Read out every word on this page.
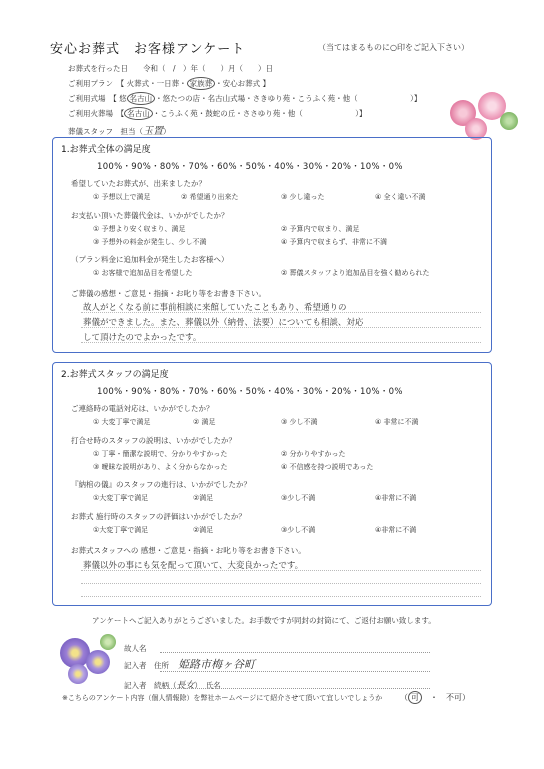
安心お葬式　お客様アンケート	（当てはまるものに○印をご記入下さい）
お葬式を行った日　　令和（　/　）年（　　）月（　　）日
ご利用プラン　【 火葬式・一日葬・ 家族葬 ・安心お葬式 】
ご利用式場　【 悠 名古山 ・悠たつの店・名古山式場・さきゆり苑・こうふく苑・他（　　　　　　　）】
ご利用火葬場　【 名古山 ・こうふく苑・鼓蛇の丘・ささゆり苑・他（　　　　　　　）】
葬儀スタッフ　担当（玉置）
1.お葬式全体の満足度
100%・90%・80%・70%・60%・50%・40%・30%・20%・10%・0%
希望していたお葬式が、出来ましたか？
① 予想以上で満足	② 希望通り出来た	③ 少し違った	④ 全く違い不満
お支払い頂いた葬儀代金は、いかがでしたか？
① 予想より安く収まり、満足	② 予算内で収まり、満足
③ 予想外の料金が発生し、少し不満	④ 予算内で収まらず、非常に不満
（プラン料金に追加料金が発生したお客様へ）
① お客様で追加品目を希望した	② 葬儀スタッフより追加品目を強く勧められた
ご葬儀の感想・ご意見・指摘・お叱り等をお書き下さい。
故人がとくなる前に事前相談に来館していたこともあり、希望通りの
葬儀ができました。また、葬儀以外（納骨、法要）についても相談、対応
して頂けたのでよかったです。
2.お葬式スタッフの満足度
100%・90%・80%・70%・60%・50%・40%・30%・20%・10%・0%
ご連絡時の電話対応は、いかがでしたか？
① 大変丁寧で満足	② 満足	③ 少し不満	④ 非常に不満
打合せ時のスタッフの説明は、いかがでしたか？
① 丁寧・簡潔な説明で、分かりやすかった	② 分かりやすかった
③ 曖昧な説明があり、よく分からなかった	④ 不信感を持つ説明であった
『納棺の儀』のスタッフの進行は、いかがでしたか？
①大変丁寧で満足	②満足	③少し不満	④非常に不満
お葬式 施行時のスタッフの評価はいかがでしたか？
①大変丁寧で満足	②満足	③少し不満	④非常に不満
お葬式スタッフへの 感想・ご意見・指摘・お叱り等をお書き下さい。
葬儀以外の事にも気を配って頂いて、大変良かったです。
アンケートへご記入ありがとうございました。お手数ですが同封の封筒にて、ご返付お願い致します。
故人名
記入者　住所 姫路市梅ヶ谷町
記入者　続柄（長女）　氏名
※こちらのアンケート内容（個人情報除）を弊社ホームページにて紹介させて頂いて宜しいでしょうか （ 可　・　不可）
